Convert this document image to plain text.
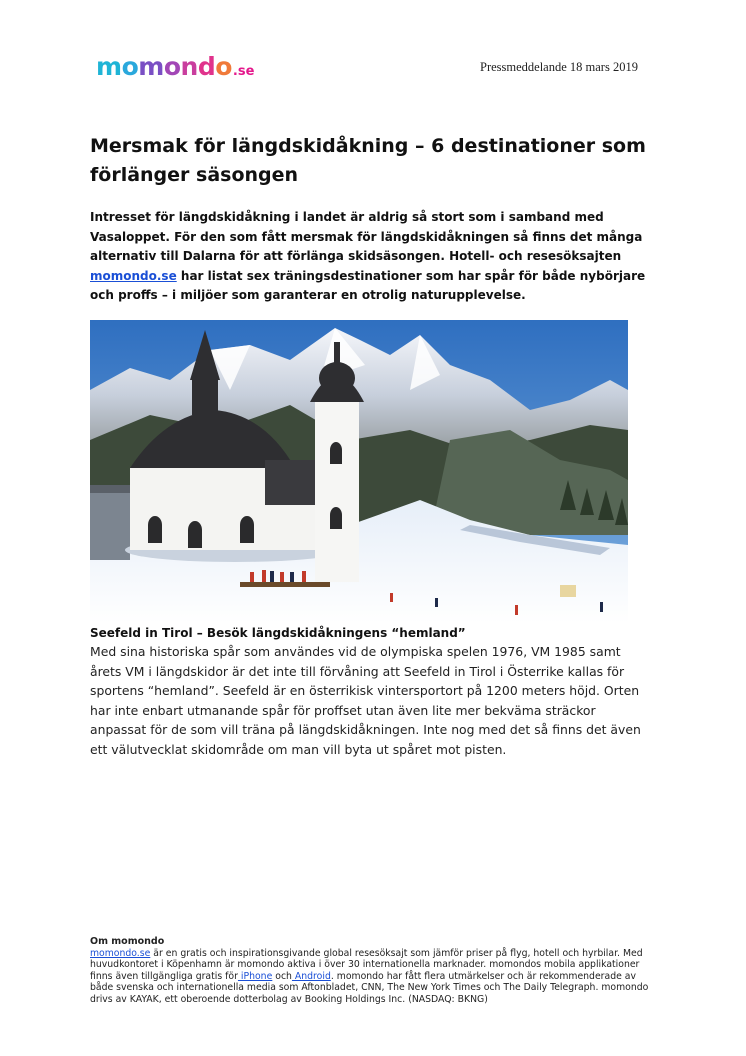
momondo .se	Pressmeddelande 18 mars 2019
Mersmak för längdskidåkning – 6 destinationer som förlänger säsongen

Intresset för längdskidåkning i landet är aldrig så stort som i samband med Vasaloppet. För den som fått mersmak för längdskidåkningen så finns det många alternativ till Dalarna för att förlänga skidsäsongen. Hotell- och resesöksajten momondo.se har listat sex träningsdestinationer som har spår för både nybörjare och proffs – i miljöer som garanterar en otrolig naturupplevelse.

Seefeld in Tirol – Besök längdskidåkningens “hemland”

Med sina historiska spår som användes vid de olympiska spelen 1976, VM 1985 samt årets VM i längdskidor är det inte till förvåning att Seefeld in Tirol i Österrike kallas för sportens “hemland”. Seefeld är en österrikisk vintersportort på 1200 meters höjd. Orten har inte enbart utmanande spår för proffset utan även lite mer bekväma sträckor anpassat för de som vill träna på längdskidåkningen. Inte nog med det så finns det även ett välutvecklat skidområde om man vill byta ut spåret mot pisten.

Om momondo
momondo.se är en gratis och inspirationsgivande global resesöksajt som jämför priser på flyg, hotell och hyrbilar. Med huvudkontoret i Köpenhamn är momondo aktiva i över 30 internationella marknader. momondos mobila applikationer finns även tillgängliga gratis för iPhone och Android. momondo har fått flera utmärkelser och är rekommenderade av både svenska och internationella media som Aftonbladet, CNN, The New York Times och The Daily Telegraph. momondo drivs av KAYAK, ett oberoende dotterbolag av Booking Holdings Inc. (NASDAQ: BKNG)
